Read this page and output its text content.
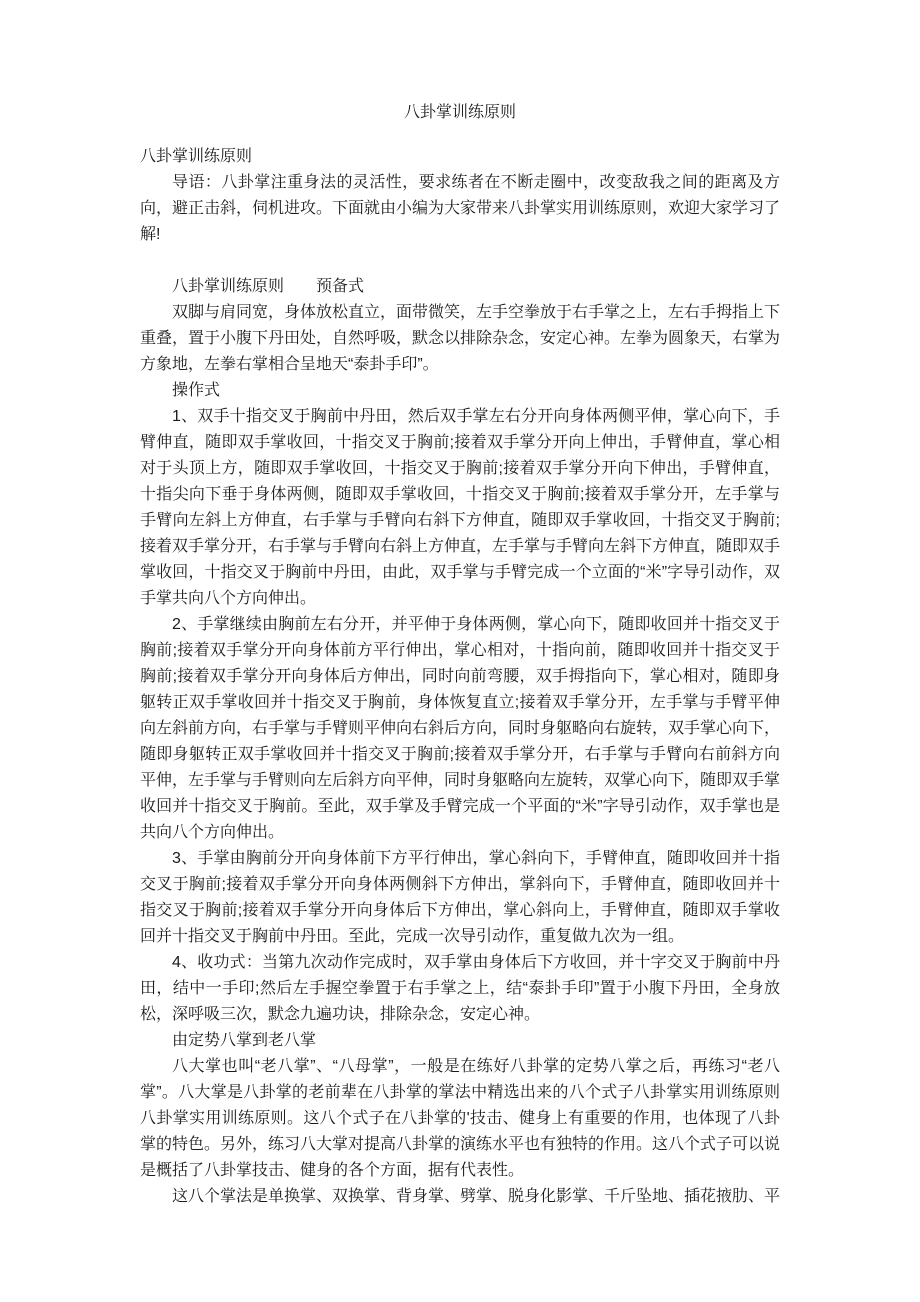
八卦掌训练原则

八卦掌训练原则

导语：八卦掌注重身法的灵活性，要求练者在不断走圈中，改变敌我之间的距离及方向，避正击斜，伺机进攻。下面就由小编为大家带来八卦掌实用训练原则，欢迎大家学习了解!

八卦掌训练原则　　预备式

双脚与肩同宽，身体放松直立，面带微笑，左手空拳放于右手掌之上，左右手拇指上下重叠，置于小腹下丹田处，自然呼吸，默念以排除杂念，安定心神。左拳为圆象天，右掌为方象地，左拳右掌相合呈地天“泰卦手印”。

操作式

1、双手十指交叉于胸前中丹田，然后双手掌左右分开向身体两侧平伸，掌心向下，手臂伸直，随即双手掌收回，十指交叉于胸前;接着双手掌分开向上伸出，手臂伸直，掌心相对于头顶上方，随即双手掌收回，十指交叉于胸前;接着双手掌分开向下伸出，手臂伸直，十指尖向下垂于身体两侧，随即双手掌收回，十指交叉于胸前;接着双手掌分开，左手掌与手臂向左斜上方伸直，右手掌与手臂向右斜下方伸直，随即双手掌收回，十指交叉于胸前;接着双手掌分开，右手掌与手臂向右斜上方伸直，左手掌与手臂向左斜下方伸直，随即双手掌收回，十指交叉于胸前中丹田，由此，双手掌与手臂完成一个立面的“米”字导引动作，双手掌共向八个方向伸出。

2、手掌继续由胸前左右分开，并平伸于身体两侧，掌心向下，随即收回并十指交叉于胸前;接着双手掌分开向身体前方平行伸出，掌心相对，十指向前，随即收回并十指交叉于胸前;接着双手掌分开向身体后方伸出，同时向前弯腰，双手拇指向下，掌心相对，随即身躯转正双手掌收回并十指交叉于胸前，身体恢复直立;接着双手掌分开，左手掌与手臂平伸向左斜前方向，右手掌与手臂则平伸向右斜后方向，同时身躯略向右旋转，双手掌心向下，随即身躯转正双手掌收回并十指交叉于胸前;接着双手掌分开，右手掌与手臂向右前斜方向平伸，左手掌与手臂则向左后斜方向平伸，同时身躯略向左旋转，双掌心向下，随即双手掌收回并十指交叉于胸前。至此，双手掌及手臂完成一个平面的“米”字导引动作，双手掌也是共向八个方向伸出。

3、手掌由胸前分开向身体前下方平行伸出，掌心斜向下，手臂伸直，随即收回并十指交叉于胸前;接着双手掌分开向身体两侧斜下方伸出，掌斜向下，手臂伸直，随即收回并十指交叉于胸前;接着双手掌分开向身体后下方伸出，掌心斜向上，手臂伸直，随即双手掌收回并十指交叉于胸前中丹田。至此，完成一次导引动作，重复做九次为一组。

4、收功式：当第九次动作完成时，双手掌由身体后下方收回，并十字交叉于胸前中丹田，结中一手印;然后左手握空拳置于右手掌之上，结“泰卦手印”置于小腹下丹田，全身放松，深呼吸三次，默念九遍功诀，排除杂念，安定心神。

由定势八掌到老八掌

八大掌也叫“老八掌”、“八母掌”，一般是在练好八卦掌的定势八掌之后，再练习“老八掌”。八大掌是八卦掌的老前辈在八卦掌的掌法中精选出来的八个式子八卦掌实用训练原则八卦掌实用训练原则。这八个式子在八卦掌的'技击、健身上有重要的作用，也体现了八卦掌的特色。另外，练习八大掌对提高八卦掌的演练水平也有独特的作用。这八个式子可以说是概括了八卦掌技击、健身的各个方面，据有代表性。

这八个掌法是单换掌、双换掌、背身掌、劈掌、脱身化影掌、千斤坠地、插花掖肋、平
